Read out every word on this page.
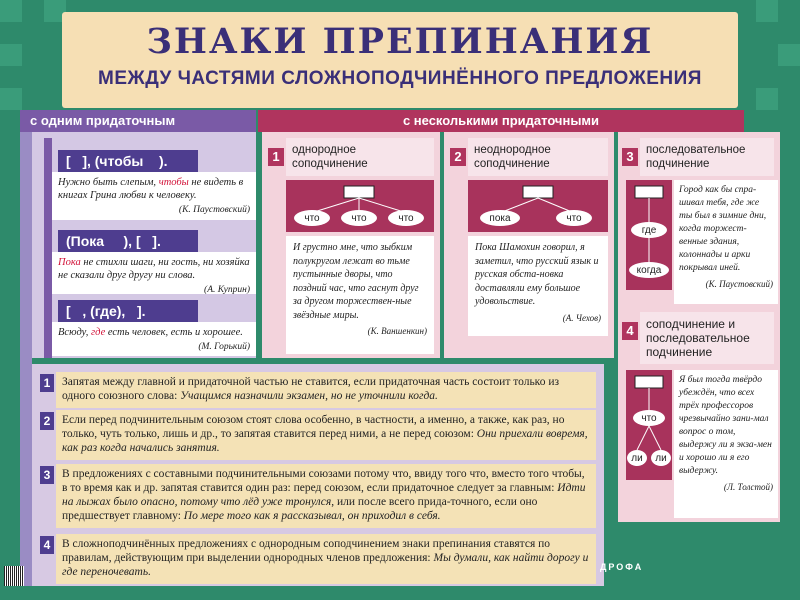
ЗНАКИ ПРЕПИНАНИЯ
МЕЖДУ ЧАСТЯМИ СЛОЖНОПОДЧИНЁННОГО ПРЕДЛОЖЕНИЯ
с одним придаточным	с несколькими придаточными
[   ], (чтобы    ).
Нужно быть слепым, чтобы не видеть в книгах Грина любви к человеку.
(К. Паустовский)
(Пока     ), [   ].
Пока не стихли шаги, ни гость, ни хозяйка не сказали друг другу ни слова.
(А. Куприн)
[   , (где),   ].
Всюду, где есть человек, есть и хорошее.
(М. Горький)
1	однородное соподчинение
что	что	что
И грустно мне, что зыбким полукругом лежат во тьме пустынные дворы, что поздний час, что гаснут друг за другом торжествен-ные звёздные миры.
(К. Ваншенкин)
2	неоднородное соподчинение
пока	что
Пока Шамохин говорил, я заметил, что русский язык и русская обста-новка доставляли ему большое удовольствие.
(А. Чехов)
3	последовательное подчинение
где
когда
Город как бы спра-шивал тебя, где же ты был в зимние дни, когда торжест-венные здания, колоннады и арки покрывал иней.
(К. Паустовский)
4	соподчинение и последовательное подчинение
что
ли ли
Я был тогда твёрдо убеждён, что всех трёх профессоров чрезвычайно зани-мал вопрос о том, выдержу ли я экза-мен и хорошо ли я его выдержу.
(Л. Толстой)
1	Запятая между главной и придаточной частью не ставится, если придаточная часть состоит только из одного союзного слова: Учащимся назначили экзамен, но не уточнили когда.
2	Если перед подчинительным союзом стоят слова особенно, в частности, а именно, а также, как раз, но только, чуть только, лишь и др., то запятая ставится перед ними, а не перед союзом: Они приехали вовремя, как раз когда начались занятия.
3	В предложениях с составными подчинительными союзами потому что, ввиду того что, вместо того чтобы, в то время как и др. запятая ставится один раз: перед союзом, если придаточное следует за главным: Идти на лыжах было опасно, потому что лёд уже тронулся, или после всего прида-точного, если оно предшествует главному: По мере того как я рассказывал, он приходил в себя.
4	В сложноподчинённых предложениях с однородным соподчинением знаки препинания ставятся по правилам, действующим при выделении однородных членов предложения: Мы думали, как найти дорогу и где переночевать.	ДРОФА
